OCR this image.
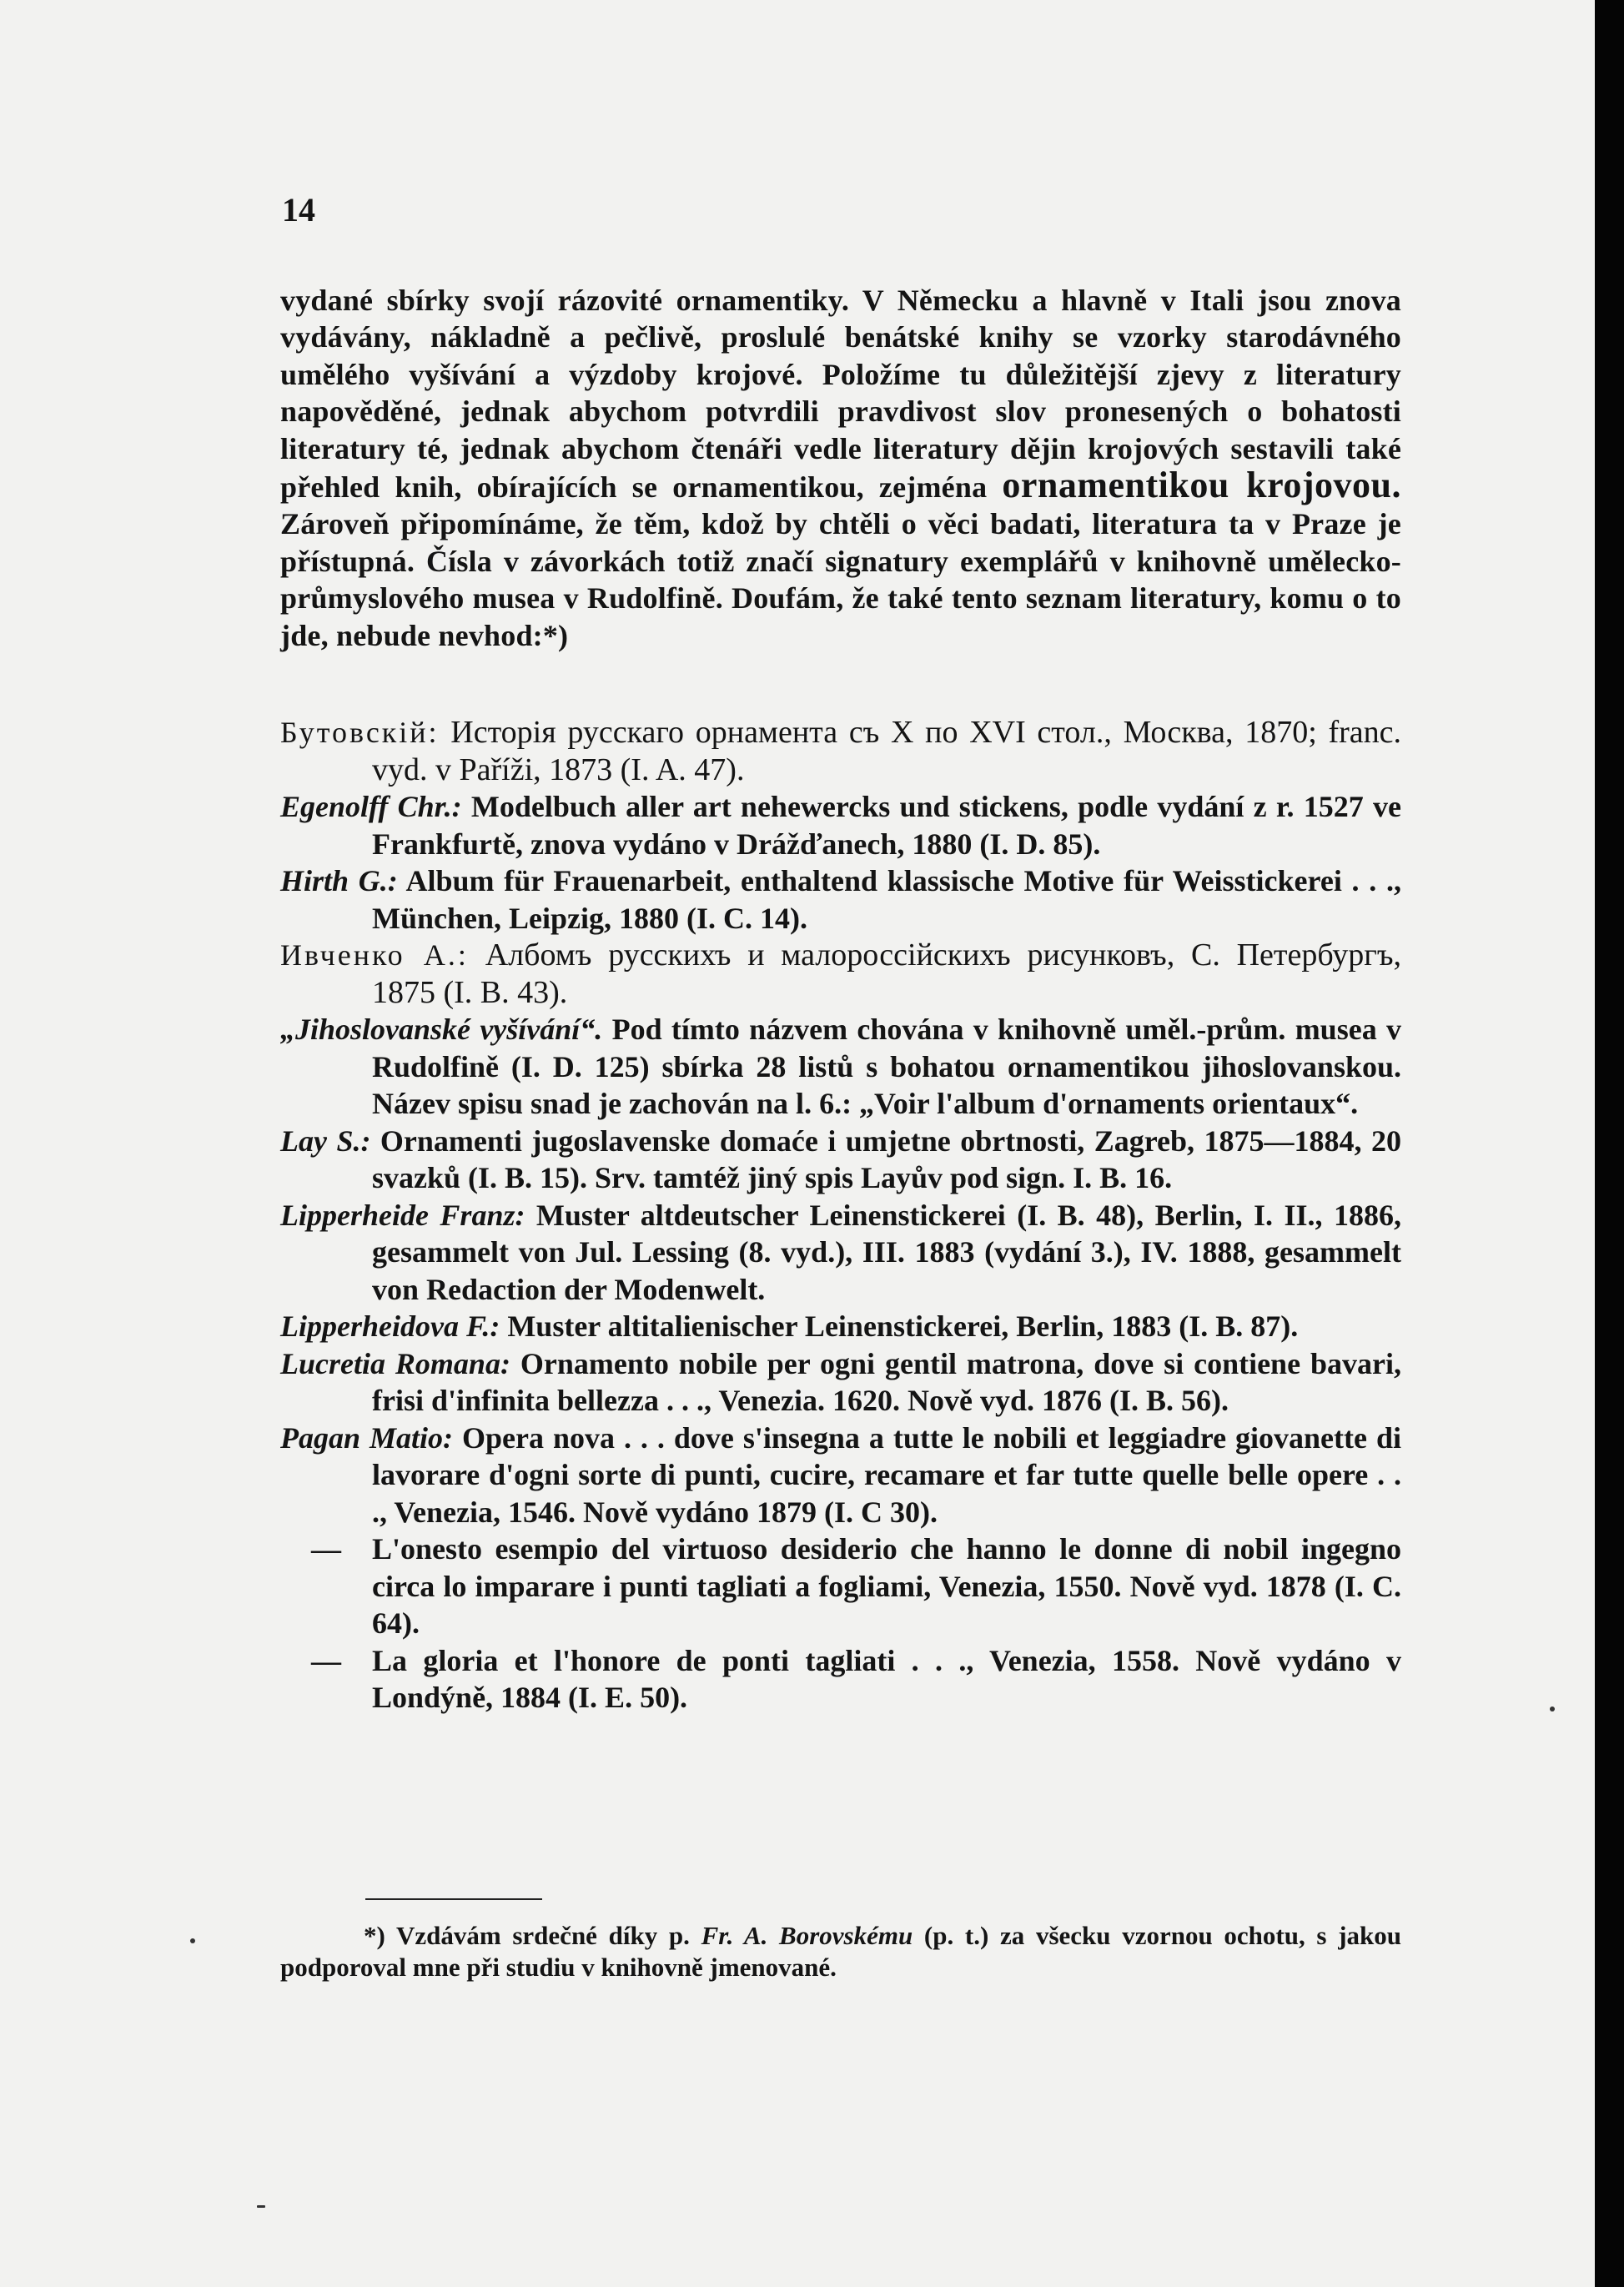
14
vydané sbírky svojí rázovité ornamentiky. V Německu a hlavně v Itali jsou znova vydávány, nákladně a pečlivě, proslulé benátské knihy se vzorky starodávného umělého vyšívání a výzdoby krojové. Položíme tu důležitější zjevy z literatury napověděné, jednak abychom potvrdili pravdivost slov pronesených o bohatosti literatury té, jednak abychom čtenáři vedle literatury dějin krojových sestavili také přehled knih, obírajících se ornamentikou, zejména ornamentikou krojovou. Zároveň připomínáme, že těm, kdož by chtěli o věci badati, literatura ta v Praze je přístupná. Čísla v závorkách totiž značí signatury exemplářů v knihovně umělecko-průmyslového musea v Rudolfině. Doufám, že také tento seznam literatury, komu o to jde, nebude nevhod:*)

Бутовскій: Исторія русскаго орнамента съ X по XVI стол., Москва, 1870; franc. vyd. v Paříži, 1873 (I. A. 47).

Egenolff Chr.: Modelbuch aller art nehewercks und stickens, podle vydání z r. 1527 ve Frankfurtě, znova vydáno v Drážďanech, 1880 (I. D. 85).

Hirth G.: Album für Frauenarbeit, enthaltend klassische Motive für Weisstickerei . . ., München, Leipzig, 1880 (I. C. 14).

Ивченко А.: Албомъ русскихъ и малороссійскихъ рисунковъ, С. Петербургъ, 1875 (I. B. 43).

„Jihoslovanské vyšívání“. Pod tímto názvem chována v knihovně uměl.-prům. musea v Rudolfině (I. D. 125) sbírka 28 listů s bohatou ornamentikou jihoslovanskou. Název spisu snad je zachován na l. 6.: „Voir l'album d'ornaments orientaux“.

Lay S.: Ornamenti jugoslavenske domaće i umjetne obrtnosti, Zagreb, 1875—1884, 20 svazků (I. B. 15). Srv. tamtéž jiný spis Layův pod sign. I. B. 16.

Lipperheide Franz: Muster altdeutscher Leinenstickerei (I. B. 48), Berlin, I. II., 1886, gesammelt von Jul. Lessing (8. vyd.), III. 1883 (vydání 3.), IV. 1888, gesammelt von Redaction der Modenwelt.

Lipperheidova F.: Muster altitalienischer Leinenstickerei, Berlin, 1883 (I. B. 87).

Lucretia Romana: Ornamento nobile per ogni gentil matrona, dove si contiene bavari, frisi d'infinita bellezza . . ., Venezia. 1620. Nově vyd. 1876 (I. B. 56).

Pagan Matio: Opera nova . . . dove s'insegna a tutte le nobili et leggiadre giovanette di lavorare d'ogni sorte di punti, cucire, recamare et far tutte quelle belle opere . . ., Venezia, 1546. Nově vydáno 1879 (I. C 30).

—	L'onesto esempio del virtuoso desiderio che hanno le donne di nobil ingegno circa lo imparare i punti tagliati a fogliami, Venezia, 1550. Nově vyd. 1878 (I. C. 64).
—	La gloria et l'honore de ponti tagliati . . ., Venezia, 1558. Nově vydáno v Londýně, 1884 (I. E. 50).
*) Vzdávám srdečné díky p. Fr. A. Borovskému (p. t.) za všecku vzornou ochotu, s jakou podporoval mne při studiu v knihovně jmenované.
